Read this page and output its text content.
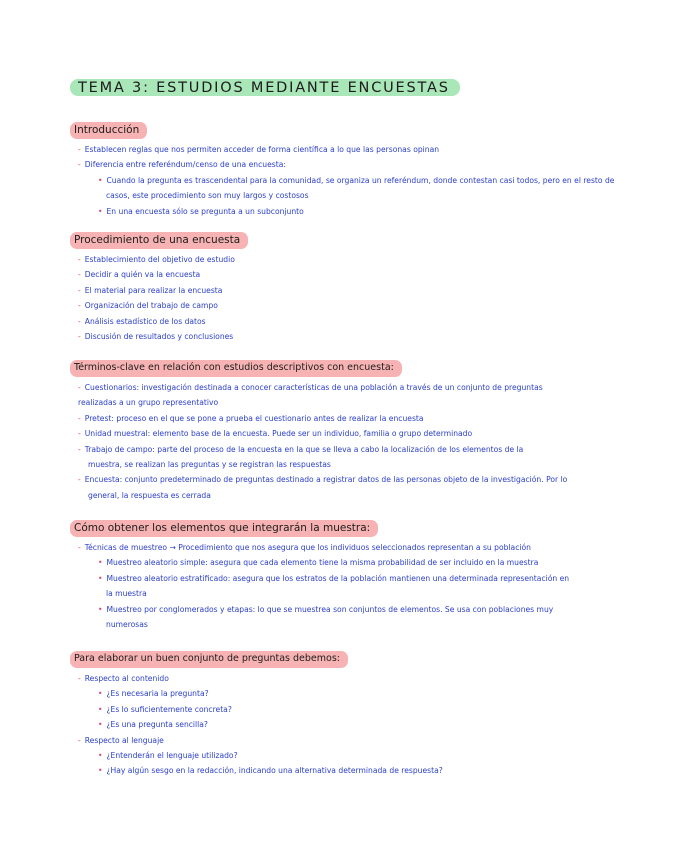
TEMA 3: ESTUDIOS MEDIANTE ENCUESTAS
Introducción
- Establecen reglas que nos permiten acceder de forma científica a lo que las personas opinan
- Diferencia entre referéndum/censo de una encuesta:
• Cuando la pregunta es trascendental para la comunidad, se organiza un referéndum, donde contestan casi todos, pero en el resto de
casos, este procedimiento son muy largos y costosos
• En una encuesta sólo se pregunta a un subconjunto
Procedimiento de una encuesta
- Establecimiento del objetivo de estudio
- Decidir a quién va la encuesta
- El material para realizar la encuesta
- Organización del trabajo de campo
- Análisis estadístico de los datos
- Discusión de resultados y conclusiones
Términos-clave en relación con estudios descriptivos con encuesta:
- Cuestionarios: investigación destinada a conocer características de una población a través de un conjunto de preguntas
realizadas a un grupo representativo
- Pretest: proceso en el que se pone a prueba el cuestionario antes de realizar la encuesta
- Unidad muestral: elemento base de la encuesta. Puede ser un individuo, familia o grupo determinado
- Trabajo de campo: parte del proceso de la encuesta en la que se lleva a cabo la localización de los elementos de la
muestra, se realizan las preguntas y se registran las respuestas
- Encuesta: conjunto predeterminado de preguntas destinado a registrar datos de las personas objeto de la investigación. Por lo
general, la respuesta es cerrada
Cómo obtener los elementos que integrarán la muestra:
- Técnicas de muestreo → Procedimiento que nos asegura que los individuos seleccionados representan a su población
• Muestreo aleatorio simple: asegura que cada elemento tiene la misma probabilidad de ser incluido en la muestra
• Muestreo aleatorio estratificado: asegura que los estratos de la población mantienen una determinada representación en
la muestra
• Muestreo por conglomerados y etapas: lo que se muestrea son conjuntos de elementos. Se usa con poblaciones muy
numerosas
Para elaborar un buen conjunto de preguntas debemos:
- Respecto al contenido
• ¿Es necesaria la pregunta?
• ¿Es lo suficientemente concreta?
• ¿Es una pregunta sencilla?
- Respecto al lenguaje
• ¿Entenderán el lenguaje utilizado?
• ¿Hay algún sesgo en la redacción, indicando una alternativa determinada de respuesta?
